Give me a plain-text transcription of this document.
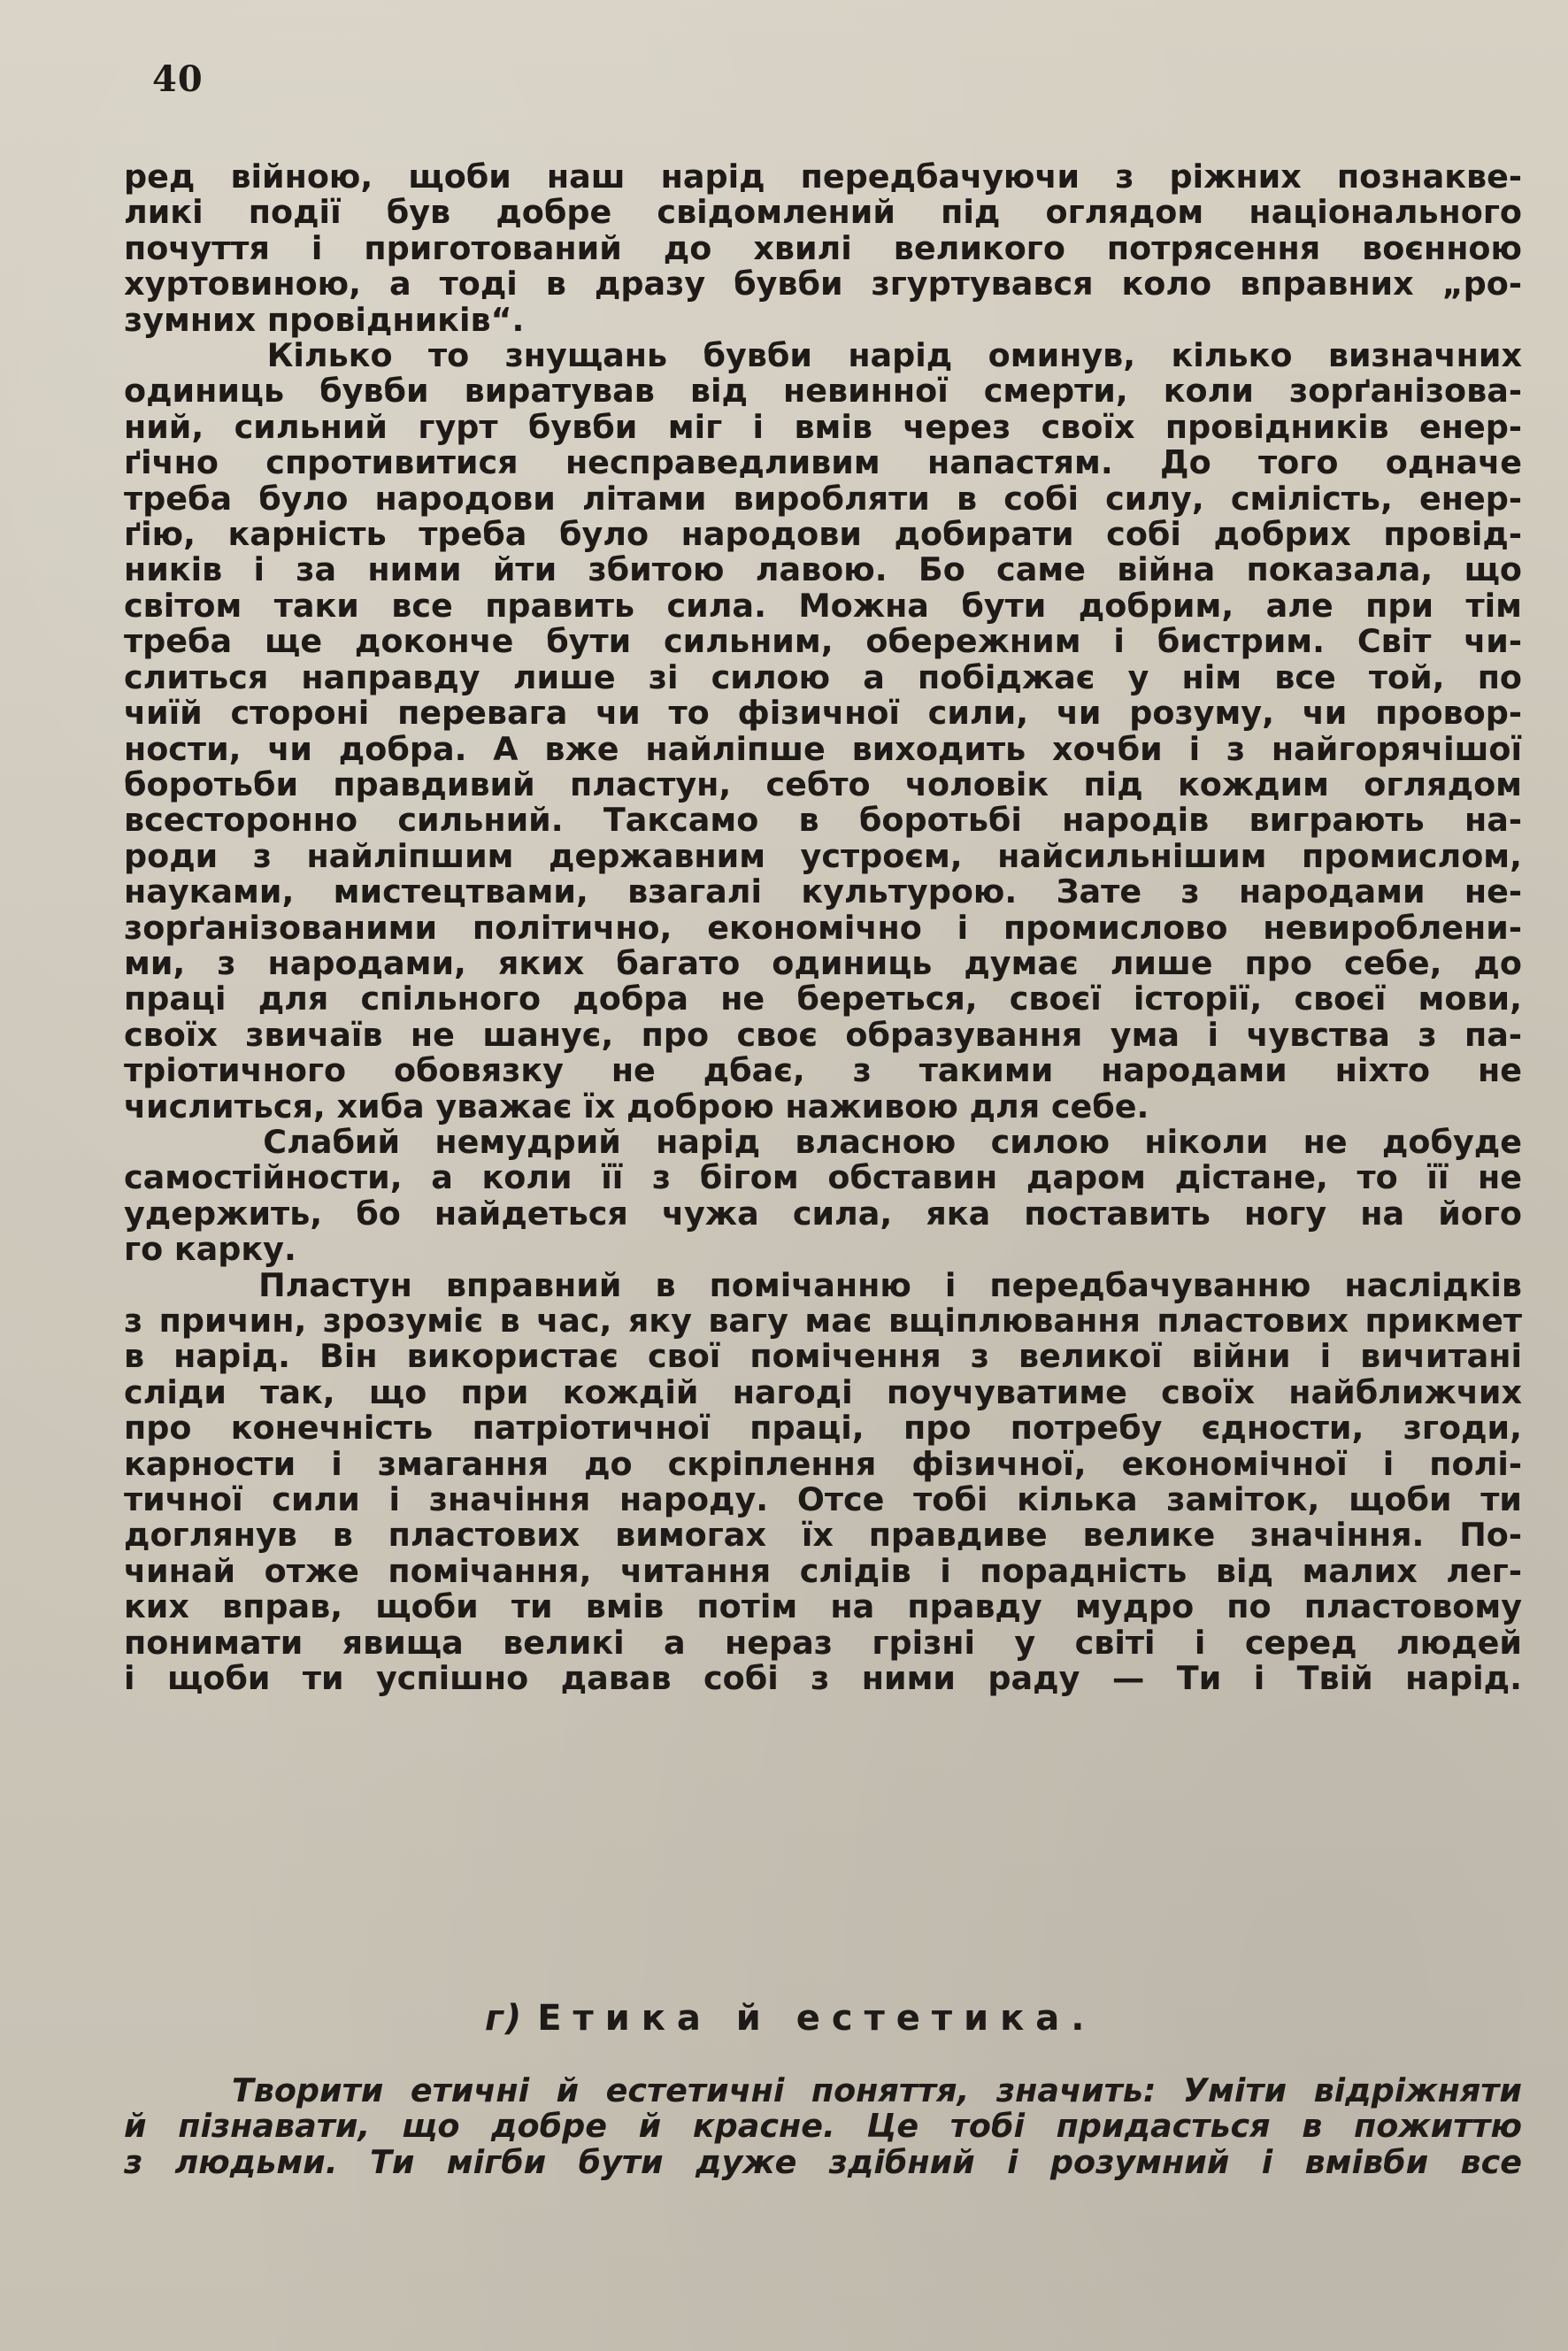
40
ред війною, щоби наш нарід передбачуючи з ріжних познакве-
ликі події був добре свідомлений під оглядом національного
почуття і приготований до хвилі великого потрясення воєнною
хуртовиною, а тоді в дразу бувби згуртувався коло вправних „ро-
зумних провідників“.
Кілько то знущань бувби нарід оминув, кілько визначних
одиниць бувби виратував від невинної смерти, коли зорґанізова-
ний, сильний гурт бувби міг і вмів через своїх провідників енер-
ґічно спротивитися несправедливим напастям. До того одначе
треба було народови літами виробляти в собі силу, смілість, енер-
ґію, карність треба було народови добирати собі добрих провід-
ників і за ними йти збитою лавою. Бо саме війна показала, що
світом таки все править сила. Можна бути добрим, але при тім
треба ще доконче бути сильним, обережним і бистрим. Світ чи-
слиться направду лише зі силою а побіджає у нім все той, по
чиїй стороні перевага чи то фізичної сили, чи розуму, чи провор-
ности, чи добра. А вже найліпше виходить хочби і з найгорячішої
боротьби правдивий пластун, себто чоловік під кождим оглядом
всесторонно сильний. Таксамо в боротьбі народів виграють на-
роди з найліпшим державним устроєм, найсильнішим промислом,
науками, мистецтвами, взагалі культурою. Зате з народами не-
зорґанізованими політично, економічно і промислово невироблени-
ми, з народами, яких багато одиниць думає лише про себе, до
праці для спільного добра не береться, своєї історії, своєї мови,
своїх звичаїв не шанує, про своє образування ума і чувства з па-
тріотичного обовязку не дбає, з такими народами ніхто не
числиться, хиба уважає їх доброю наживою для себе.
Слабий немудрий нарід власною силою ніколи не добуде
самостійности, а коли її з бігом обставин даром дістане, то її не
удержить, бо найдеться чужа сила, яка поставить ногу на його
го карку.
Пластун вправний в помічанню і передбачуванню наслідків
з причин, зрозуміє в час, яку вагу має вщіплювання пластових прикмет
в нарід. Він використає свої помічення з великої війни і вичитані
сліди так, що при кождій нагоді поучуватиме своїх найближчих
про конечність патріотичної праці, про потребу єдности, згоди,
карности і змагання до скріплення фізичної, економічної і полі-
тичної сили і значіння народу. Отсе тобі кілька заміток, щоби ти
доглянув в пластових вимогах їх правдиве велике значіння. По-
чинай отже помічання, читання слідів і порадність від малих лег-
ких вправ, щоби ти вмів потім на правду мудро по пластовому
понимати явища великі а нераз грізні у світі і серед людей
і щоби ти успішно давав собі з ними раду — Ти і Твій нарід.
г) Етика й естетика.
Творити етичні й естетичні поняття, значить: Уміти відріжняти
й пізнавати, що добре й красне. Це тобі придасться в пожиттю
з людьми. Ти мігби бути дуже здібний і розумний і вмівби все
